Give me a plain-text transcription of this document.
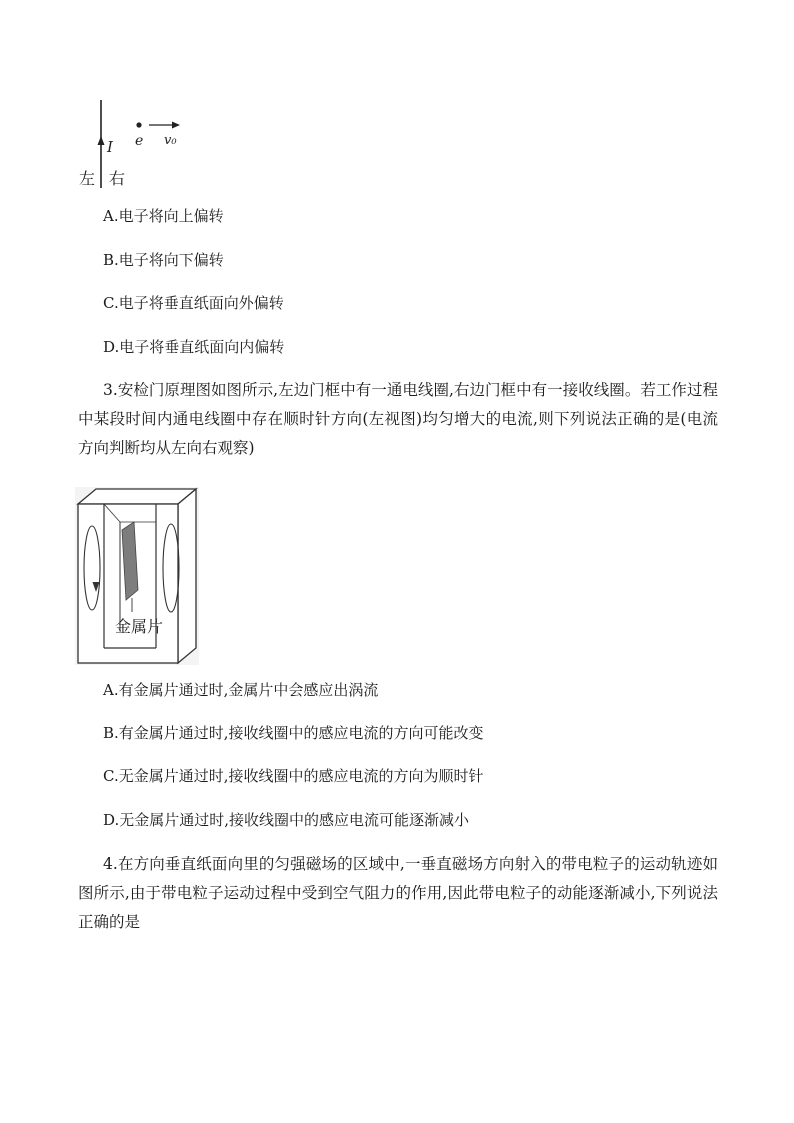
I e v₀
左 右
A.电子将向上偏转
B.电子将向下偏转
C.电子将垂直纸面向外偏转
D.电子将垂直纸面向内偏转
3.安检门原理图如图所示,左边门框中有一通电线圈,右边门框中有一接收线圈。若工作过程中某段时间内通电线圈中存在顺时针方向(左视图)均匀增大的电流,则下列说法正确的是(电流方向判断均从左向右观察)
金属片
A.有金属片通过时,金属片中会感应出涡流
B.有金属片通过时,接收线圈中的感应电流的方向可能改变
C.无金属片通过时,接收线圈中的感应电流的方向为顺时针
D.无金属片通过时,接收线圈中的感应电流可能逐渐减小
4.在方向垂直纸面向里的匀强磁场的区域中,一垂直磁场方向射入的带电粒子的运动轨迹如图所示,由于带电粒子运动过程中受到空气阻力的作用,因此带电粒子的动能逐渐减小,下列说法正确的是
